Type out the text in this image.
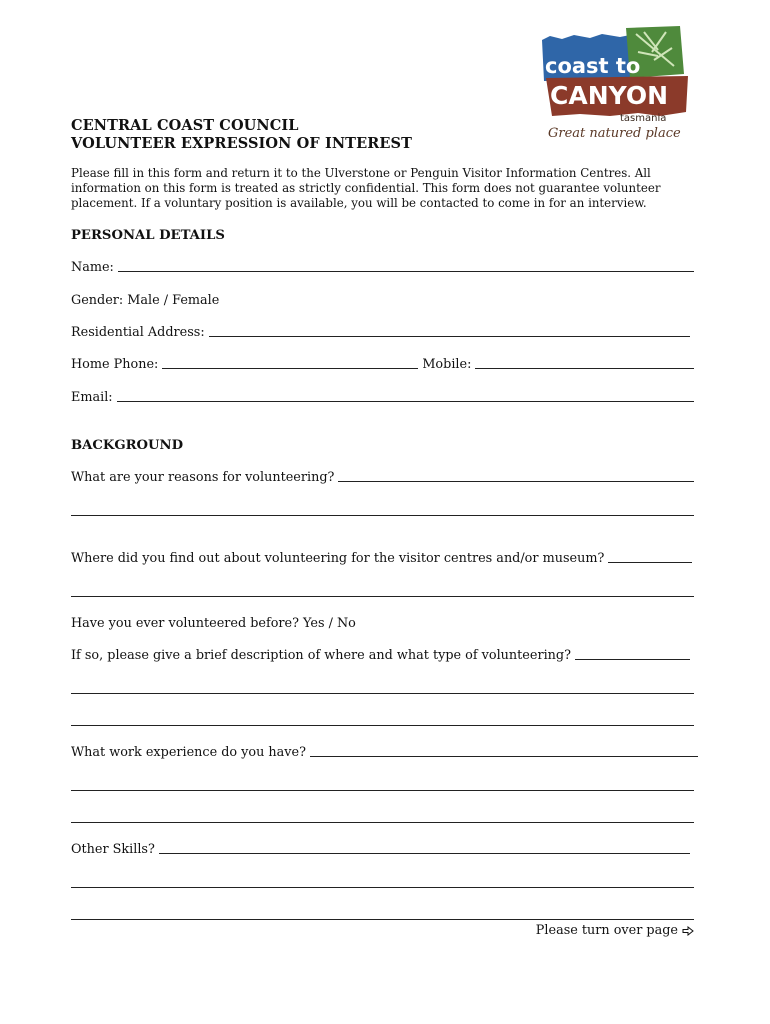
coast to
CANYON
tasmania
Great natured place
CENTRAL COAST COUNCIL
VOLUNTEER EXPRESSION OF INTEREST
Please fill in this form and return it to the Ulverstone or Penguin Visitor Information Centres. All information on this form is treated as strictly confidential. This form does not guarantee volunteer placement. If a voluntary position is available, you will be contacted to come in for an interview.
PERSONAL DETAILS
Name:
Gender: Male / Female
Residential Address:
Home Phone:	Mobile:
Email:
BACKGROUND
What are your reasons for volunteering?
Where did you find out about volunteering for the visitor centres and/or museum?
Have you ever volunteered before? Yes / No
If so, please give a brief description of where and what type of volunteering?
What work experience do you have?
Other Skills?
Please turn over page
